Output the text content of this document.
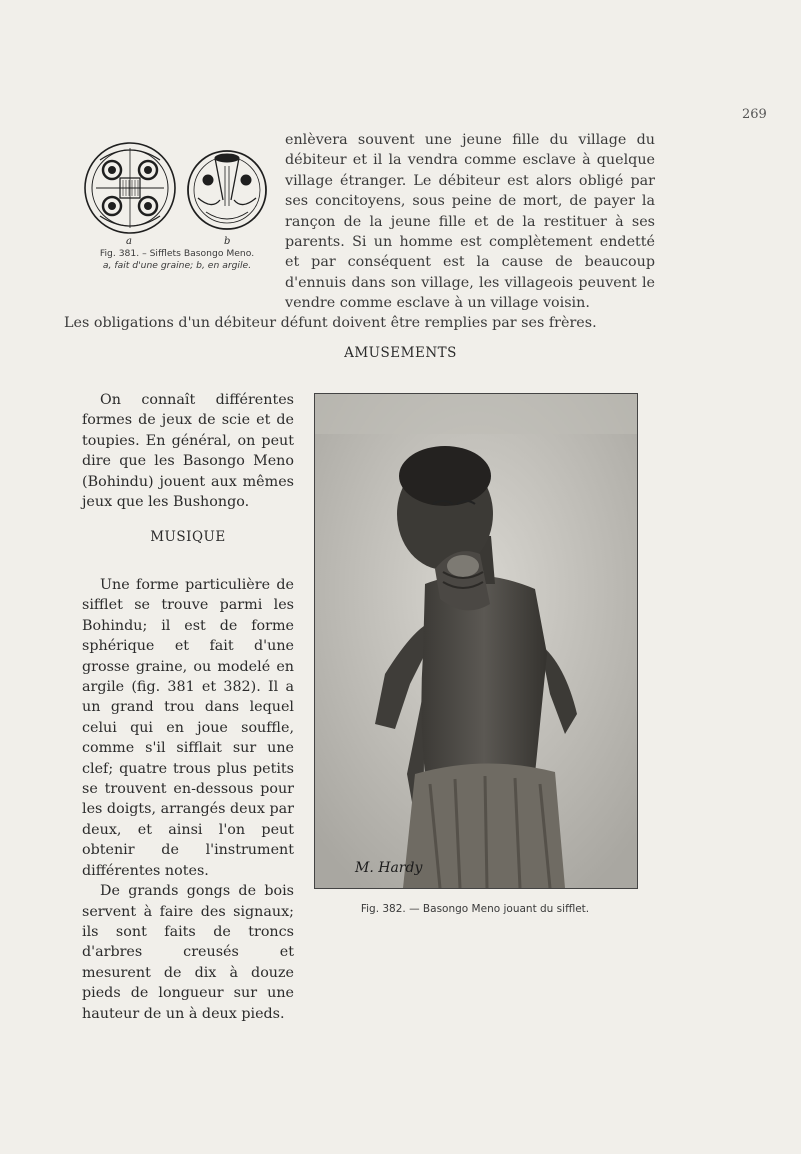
269
a	b
Fig. 381. – Sifflets Basongo Meno.
a, fait d'une graine; b, en argile.
enlèvera souvent une jeune fille du village du débiteur et il la vendra comme esclave à quelque village étranger. Le débiteur est alors obligé par ses concitoyens, sous peine de mort, de payer la rançon de la jeune fille et de la restituer à ses parents. Si un homme est complètement endetté et par conséquent est la cause de beaucoup d'ennuis dans son village, les villageois peuvent le vendre comme esclave à un village voisin.
Les obligations d'un débiteur défunt doivent être remplies par ses frères.
AMUSEMENTS

On connaît différentes formes de jeux de scie et de toupies. En général, on peut dire que les Basongo Meno (Bohindu) jouent aux mêmes jeux que les Bushongo.

MUSIQUE

Une forme particulière de sifflet se trouve parmi les Bohindu; il est de forme sphérique et fait d'une grosse graine, ou modelé en argile (fig. 381 et 382). Il a un grand trou dans lequel celui qui en joue souffle, comme s'il sifflait sur une clef; quatre trous plus petits se trouvent en-dessous pour les doigts, arrangés deux par deux, et ainsi l'on peut obtenir de l'instrument différentes notes.

De grands gongs de bois servent à faire des signaux; ils sont faits de troncs d'arbres creusés et mesurent de dix à douze pieds de longueur sur une hauteur de un à deux pieds.

M. Hardy
Fig. 382. — Basongo Meno jouant du sifflet.
